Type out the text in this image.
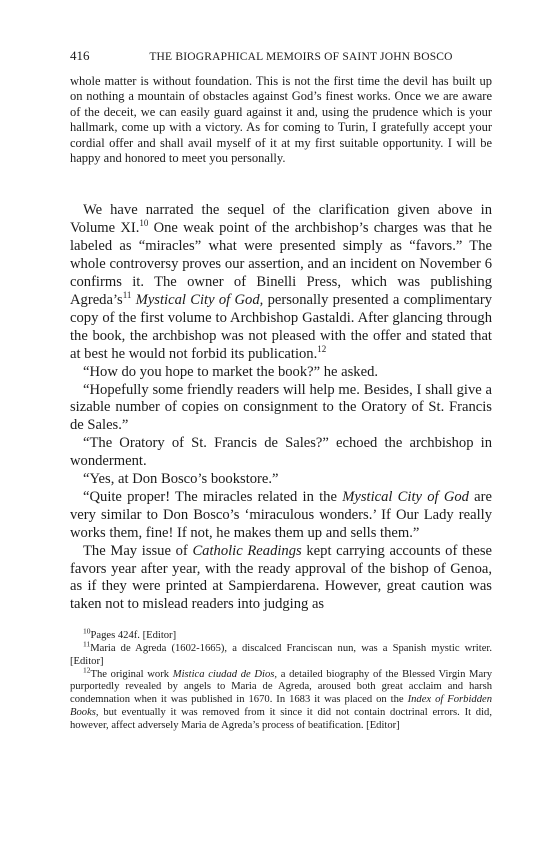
416	THE BIOGRAPHICAL MEMOIRS OF SAINT JOHN BOSCO
whole matter is without foundation. This is not the first time the devil has built up on nothing a mountain of obstacles against God’s finest works. Once we are aware of the deceit, we can easily guard against it and, using the prudence which is your hallmark, come up with a victory. As for coming to Turin, I gratefully accept your cordial offer and shall avail myself of it at my first suitable opportunity. I will be happy and honored to meet you personally.

We have narrated the sequel of the clarification given above in Volume XI.$^{10}$ One weak point of the archbishop’s charges was that he labeled as “miracles” what were presented simply as “favors.” The whole controversy proves our assertion, and an incident on November 6 confirms it. The owner of Binelli Press, which was publishing $Agreda’s^{11}$ Mystical City of God, personally presented a complimentary copy of the first volume to Archbishop Gastaldi. After glancing through the book, the archbishop was not pleased with the offer and stated that at best he would not forbid its publication.$^{12}$

“How do you hope to market the book?” he asked.

“Hopefully some friendly readers will help me. Besides, I shall give a sizable number of copies on consignment to the Oratory of St. Francis de Sales.”

“The Oratory of St. Francis de Sales?” echoed the archbishop in wonderment.

“Yes, at Don Bosco’s bookstore.”

“Quite proper! The miracles related in the Mystical City of God are very similar to Don Bosco’s ‘miraculous wonders.’ If Our Lady really works them, fine! If not, he makes them up and sells them.”

The May issue of Catholic Readings kept carrying accounts of these favors year after year, with the ready approval of the bishop of Genoa, as if they were printed at Sampierdarena. However, great caution was taken not to mislead readers into judging as

$^{10}$Pages 424f. [Editor]

$^{11}$Maria de Agreda (1602-1665), a discalced Franciscan nun, was a Spanish mystic writer. [Editor]

$^{12}$The original work Mistica ciudad de Dios, a detailed biography of the Blessed Virgin Mary purportedly revealed by angels to Maria de Agreda, aroused both great acclaim and harsh condemnation when it was published in 1670. In 1683 it was placed on the Index of Forbidden Books, but eventually it was removed from it since it did not contain doctrinal errors. It did, however, affect adversely Maria de Agreda’s process of beatification. [Editor]
